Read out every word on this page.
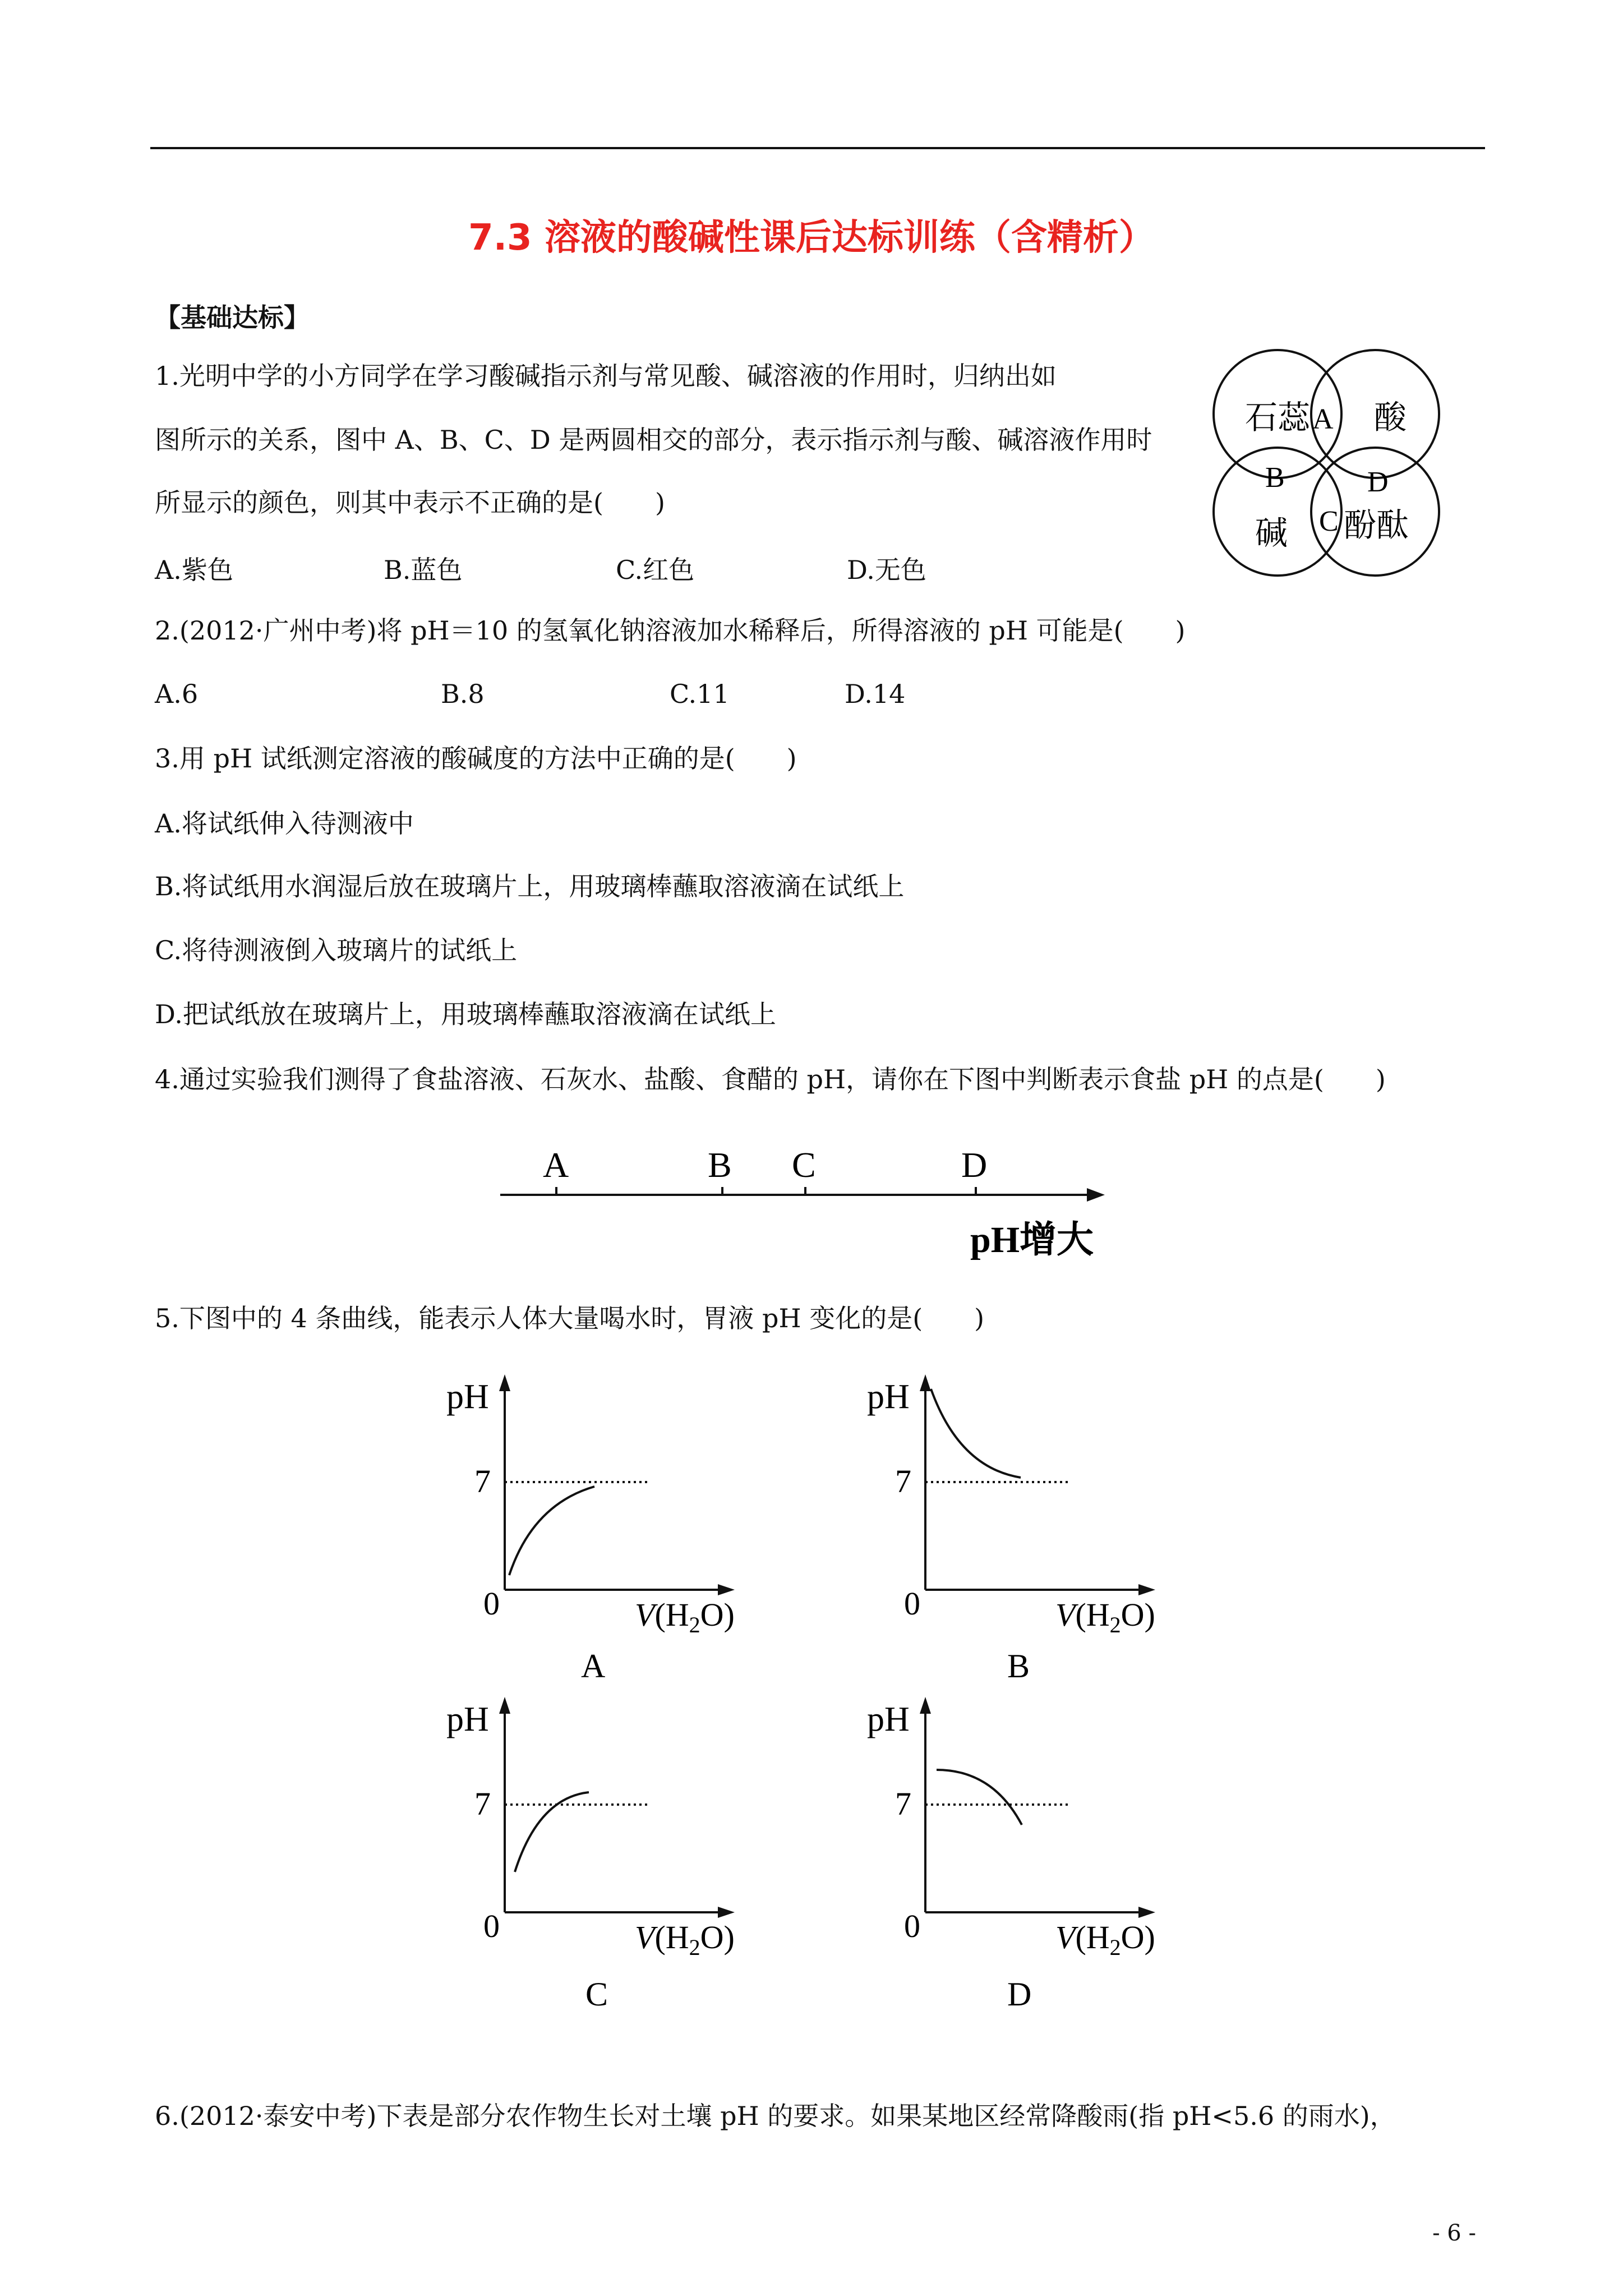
7.3 溶液的酸碱性课后达标训练（含精析）
【基础达标】
1.光明中学的小方同学在学习酸碱指示剂与常见酸、碱溶液的作用时，归纳出如
图所示的关系，图中 A、B、C、D 是两圆相交的部分，表示指示剂与酸、碱溶液作用时
所显示的颜色，则其中表示不正确的是(　　)
A.紫色	B.蓝色	C.红色	D.无色
石蕊 酸
碱 酚酞
A
B
C
D
2.(2012·广州中考)将 pH＝10 的氢氧化钠溶液加水稀释后，所得溶液的 pH 可能是(　　)
A.6	B.8	C.11	D.14
3.用 pH 试纸测定溶液的酸碱度的方法中正确的是(　　)
A.将试纸伸入待测液中
B.将试纸用水润湿后放在玻璃片上，用玻璃棒蘸取溶液滴在试纸上
C.将待测液倒入玻璃片的试纸上
D.把试纸放在玻璃片上，用玻璃棒蘸取溶液滴在试纸上
4.通过实验我们测得了食盐溶液、石灰水、盐酸、食醋的 pH，请你在下图中判断表示食盐 pH 的点是(　　)
A	B C	D
pH增大
5.下图中的 4 条曲线，能表示人体大量喝水时，胃液 pH 变化的是(　　)
pH
7
0	$V(H_2O)$
A
pH
7
0	$V(H_2O)$
B
pH
7
0	$V(H_2O)$
C
pH
7
0	$V(H_2O)$
D
6.(2012·泰安中考)下表是部分农作物生长对土壤 pH 的要求。如果某地区经常降酸雨(指 pH<5.6 的雨水)，
- 6 -
